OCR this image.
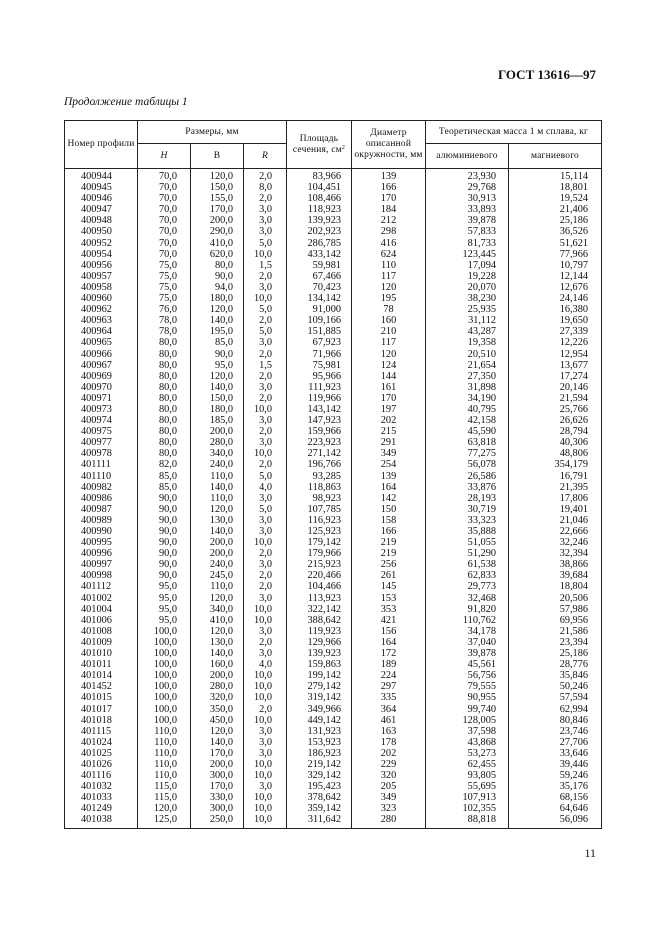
ГОСТ 13616—97
Продолжение таблицы 1
Номер профили	Размеры, мм			Площадь сечения, $см^2$	Диаметр описанной окружности, мм	Теоретическая масса 1 м сплава, кг	
	H	B	R			алюминиевого	магниевого
400944	70,0	120,0	2,0	83,966	139	23,930	15,114
400945	70,0	150,0	8,0	104,451	166	29,768	18,801
400946	70,0	155,0	2,0	108,466	170	30,913	19,524
400947	70,0	170,0	3,0	118,923	184	33,893	21,406
400948	70,0	200,0	3,0	139,923	212	39,878	25,186
400950	70,0	290,0	3,0	202,923	298	57,833	36,526
400952	70,0	410,0	5,0	286,785	416	81,733	51,621
400954	70,0	620,0	10,0	433,142	624	123,445	77,966
400956	75,0	80,0	1,5	59,981	110	17,094	10,797
400957	75,0	90,0	2,0	67,466	117	19,228	12,144
400958	75,0	94,0	3,0	70,423	120	20,070	12,676
400960	75,0	180,0	10,0	134,142	195	38,230	24,146
400962	76,0	120,0	5,0	91,000	78	25,935	16,380
400963	78,0	140,0	2,0	109,166	160	31,112	19,650
400964	78,0	195,0	5,0	151,885	210	43,287	27,339
400965	80,0	85,0	3,0	67,923	117	19,358	12,226
400966	80,0	90,0	2,0	71,966	120	20,510	12,954
400967	80,0	95,0	1,5	75,981	124	21,654	13,677
400969	80,0	120,0	2,0	95,966	144	27,350	17,274
400970	80,0	140,0	3,0	111,923	161	31,898	20,146
400971	80,0	150,0	2,0	119,966	170	34,190	21,594
400973	80,0	180,0	10,0	143,142	197	40,795	25,766
400974	80,0	185,0	3,0	147,923	202	42,158	26,626
400975	80,0	200,0	2,0	159,966	215	45,590	28,794
400977	80,0	280,0	3,0	223,923	291	63,818	40,306
400978	80,0	340,0	10,0	271,142	349	77,275	48,806
401111	82,0	240,0	2,0	196,766	254	56,078	354,179
401110	85,0	110,0	5,0	93,285	139	26,586	16,791
400982	85,0	140,0	4,0	118,863	164	33,876	21,395
400986	90,0	110,0	3,0	98,923	142	28,193	17,806
400987	90,0	120,0	5,0	107,785	150	30,719	19,401
400989	90,0	130,0	3,0	116,923	158	33,323	21,046
400990	90,0	140,0	3,0	125,923	166	35,888	22,666
400995	90,0	200,0	10,0	179,142	219	51,055	32,246
400996	90,0	200,0	2,0	179,966	219	51,290	32,394
400997	90,0	240,0	3,0	215,923	256	61,538	38,866
400998	90,0	245,0	2,0	220,466	261	62,833	39,684
401112	95,0	110,0	2,0	104,466	145	29,773	18,804
401002	95,0	120,0	3,0	113,923	153	32,468	20,506
401004	95,0	340,0	10,0	322,142	353	91,820	57,986
401006	95,0	410,0	10,0	388,642	421	110,762	69,956
401008	100,0	120,0	3,0	119,923	156	34,178	21,586
401009	100,0	130,0	2,0	129,966	164	37,040	23,394
401010	100,0	140,0	3,0	139,923	172	39,878	25,186
401011	100,0	160,0	4,0	159,863	189	45,561	28,776
401014	100,0	200,0	10,0	199,142	224	56,756	35,846
401452	100,0	280,0	10,0	279,142	297	79,555	50,246
401015	100,0	320,0	10,0	319,142	335	90,955	57,594
401017	100,0	350,0	2,0	349,966	364	99,740	62,994
401018	100,0	450,0	10,0	449,142	461	128,005	80,846
401115	110,0	120,0	3,0	131,923	163	37,598	23,746
401024	110,0	140,0	3,0	153,923	178	43,868	27,706
401025	110,0	170,0	3,0	186,923	202	53,273	33,646
401026	110,0	200,0	10,0	219,142	229	62,455	39,446
401116	110,0	300,0	10,0	329,142	320	93,805	59,246
401032	115,0	170,0	3,0	195,423	205	55,695	35,176
401033	115,0	330,0	10,0	378,642	349	107,913	68,156
401249	120,0	300,0	10,0	359,142	323	102,355	64,646
401038	125,0	250,0	10,0	311,642	280	88,818	56,096
11
